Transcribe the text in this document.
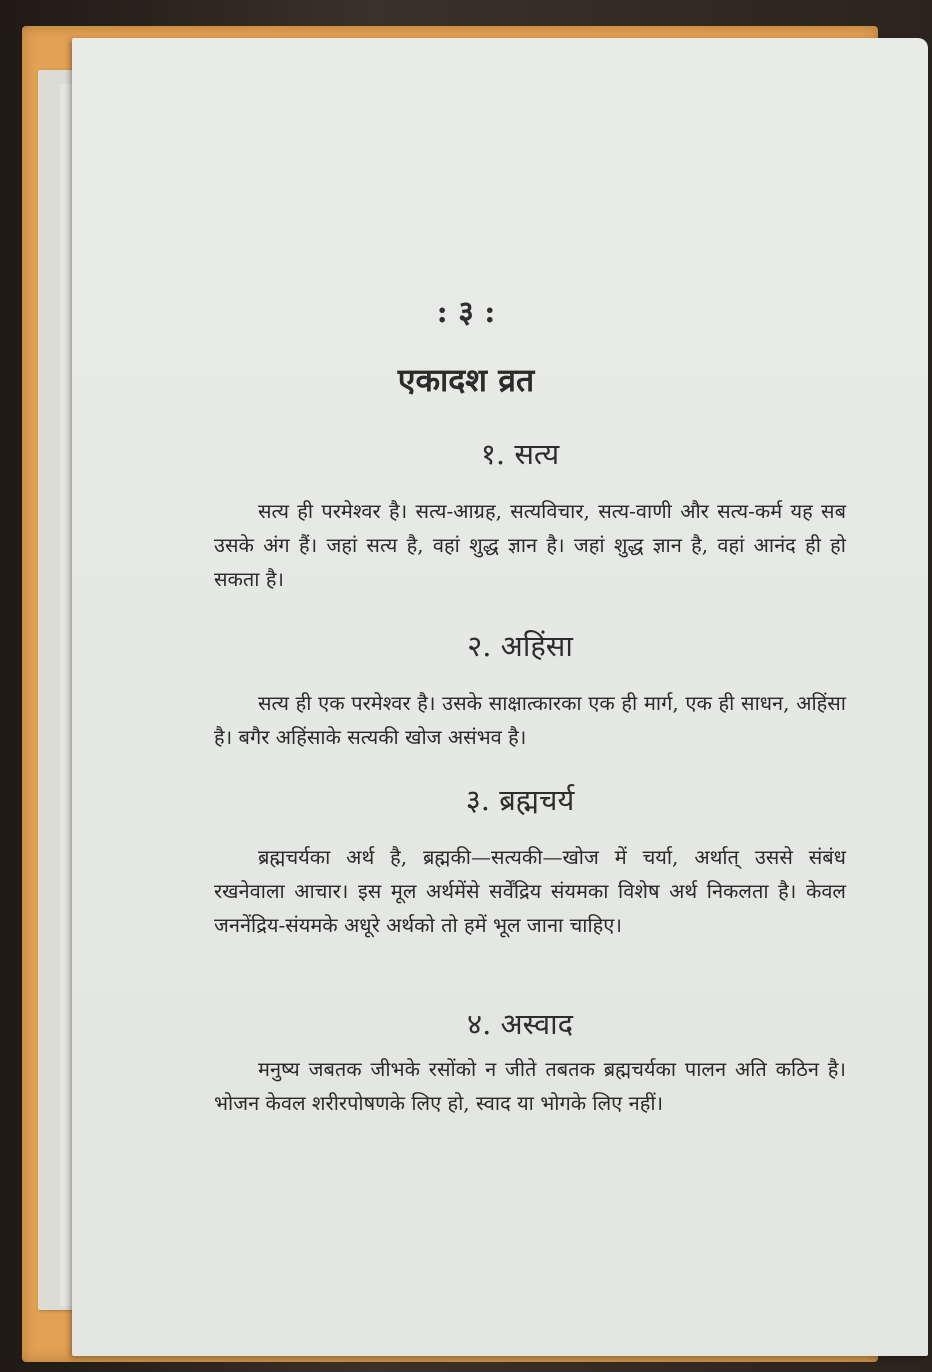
: ३ :
एकादश व्रत
१. सत्य
सत्य ही परमेश्वर है। सत्य-आग्रह, सत्यविचार, सत्य-वाणी और सत्य-कर्म यह सब उसके अंग हैं। जहां सत्य है, वहां शुद्ध ज्ञान है। जहां शुद्ध ज्ञान है, वहां आनंद ही हो सकता है।
२. अहिंसा
सत्य ही एक परमेश्वर है। उसके साक्षात्कारका एक ही मार्ग, एक ही साधन, अहिंसा है। बगैर अहिंसाके सत्यकी खोज असंभव है।
३. ब्रह्मचर्य
ब्रह्मचर्यका अर्थ है, ब्रह्मकी—सत्यकी—खोज में चर्या, अर्थात् उससे संबंध रखनेवाला आचार। इस मूल अर्थमेंसे सर्वेंद्रिय संयमका विशेष अर्थ निकलता है। केवल जननेंद्रिय-संयमके अधूरे अर्थको तो हमें भूल जाना चाहिए।
४. अस्वाद
मनुष्य जबतक जीभके रसोंको न जीते तबतक ब्रह्मचर्यका पालन अति कठिन है। भोजन केवल शरीरपोषणके लिए हो, स्वाद या भोगके लिए नहीं।
